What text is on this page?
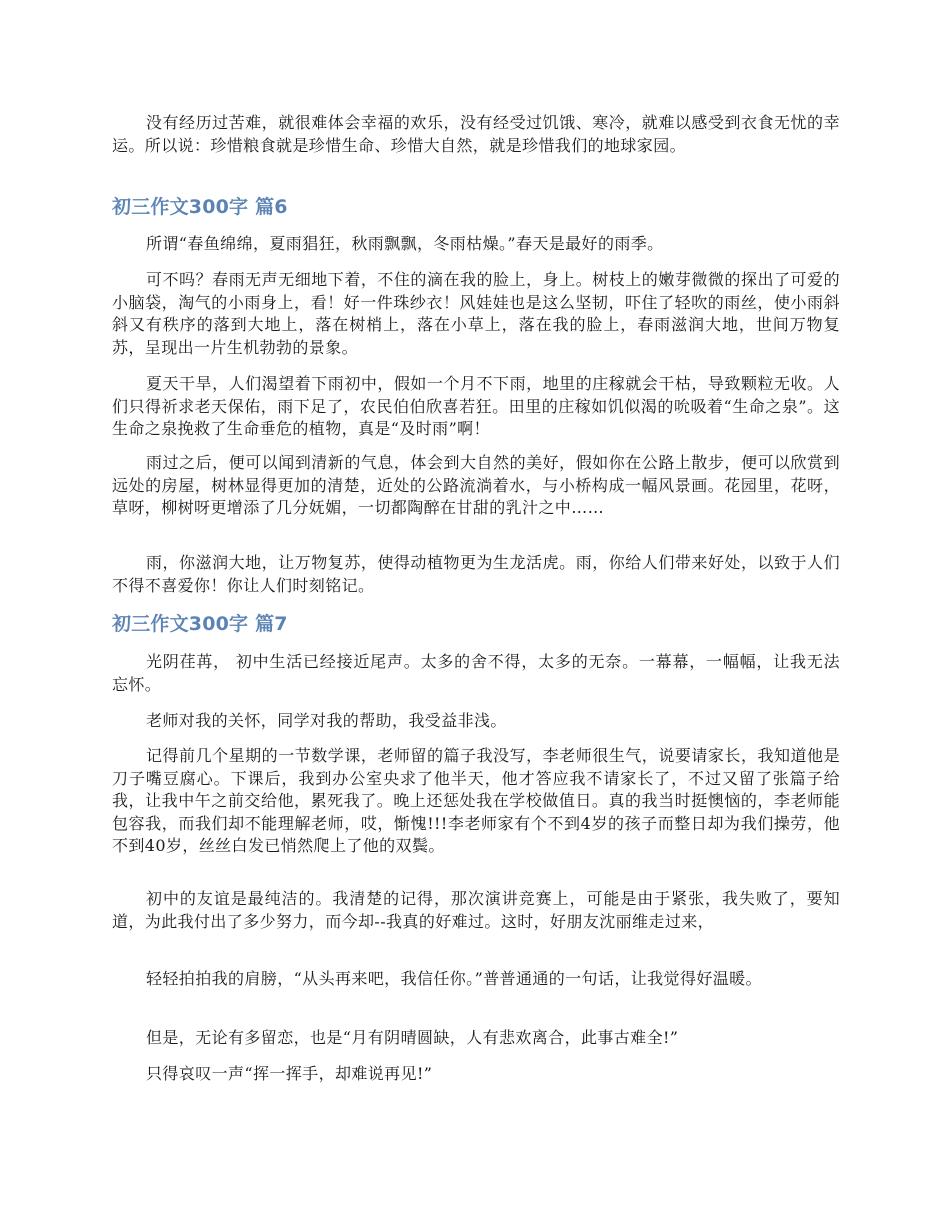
没有经历过苦难，就很难体会幸福的欢乐，没有经受过饥饿、寒冷，就难以感受到衣食无忧的幸运。所以说：珍惜粮食就是珍惜生命、珍惜大自然，就是珍惜我们的地球家园。

初三作文300字 篇6

所谓“春鱼绵绵，夏雨猖狂，秋雨飘飘，冬雨枯燥。”春天是最好的雨季。

可不吗？春雨无声无细地下着，不住的滴在我的脸上，身上。树枝上的嫩芽微微的探出了可爱的小脑袋，淘气的小雨身上，看！好一件珠纱衣！风娃娃也是这么坚韧，吓住了轻吹的雨丝，使小雨斜斜又有秩序的落到大地上，落在树梢上，落在小草上，落在我的脸上，春雨滋润大地，世间万物复苏，呈现出一片生机勃勃的景象。

夏天干旱，人们渴望着下雨初中，假如一个月不下雨，地里的庄稼就会干枯，导致颗粒无收。人们只得祈求老天保佑，雨下足了，农民伯伯欣喜若狂。田里的庄稼如饥似渴的吮吸着“生命之泉”。这生命之泉挽救了生命垂危的植物，真是“及时雨”啊！

雨过之后，便可以闻到清新的气息，体会到大自然的美好，假如你在公路上散步，便可以欣赏到远处的房屋，树林显得更加的清楚，近处的公路流淌着水，与小桥构成一幅风景画。花园里，花呀，草呀，柳树呀更增添了几分妩媚，一切都陶醉在甘甜的乳汁之中……

雨，你滋润大地，让万物复苏，使得动植物更为生龙活虎。雨，你给人们带来好处，以致于人们不得不喜爱你！你让人们时刻铭记。

初三作文300字 篇7

光阴荏苒， 初中生活已经接近尾声。太多的舍不得，太多的无奈。一幕幕，一幅幅，让我无法忘怀。

老师对我的关怀，同学对我的帮助，我受益非浅。

记得前几个星期的一节数学课，老师留的篇子我没写，李老师很生气，说要请家长，我知道他是刀子嘴豆腐心。下课后，我到办公室央求了他半天，他才答应我不请家长了，不过又留了张篇子给我，让我中午之前交给他，累死我了。晚上还惩处我在学校做值日。真的我当时挺懊恼的，李老师能包容我，而我们却不能理解老师，哎，惭愧!!!李老师家有个不到4岁的孩子而整日却为我们操劳，他不到40岁，丝丝白发已悄然爬上了他的双鬓。

初中的友谊是最纯洁的。我清楚的记得，那次演讲竞赛上，可能是由于紧张，我失败了，要知道，为此我付出了多少努力，而今却--我真的好难过。这时，好朋友沈丽维走过来，

轻轻拍拍我的肩膀，“从头再来吧，我信任你。”普普通通的一句话，让我觉得好温暖。

但是，无论有多留恋，也是“月有阴晴圆缺，人有悲欢离合，此事古难全!”

只得哀叹一声“挥一挥手，却难说再见!”
